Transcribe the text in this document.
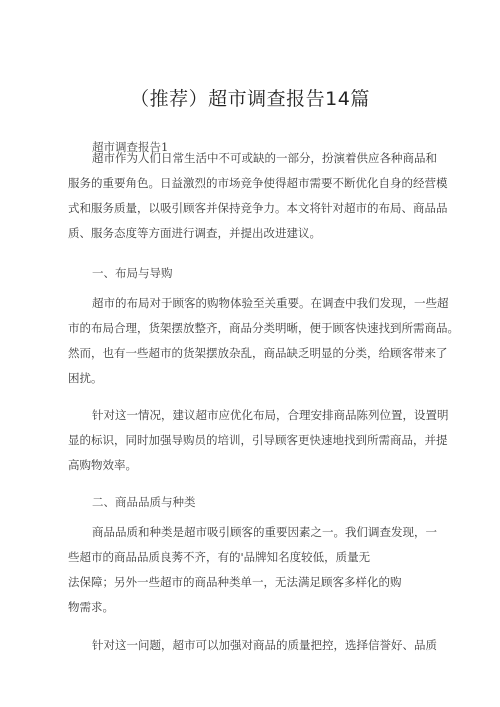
（推荐）超市调查报告14篇
超市调查报告1
超市作为人们日常生活中不可或缺的一部分，扮演着供应各种商品和
服务的重要角色。日益激烈的市场竞争使得超市需要不断优化自身的经营模
式和服务质量，以吸引顾客并保持竞争力。本文将针对超市的布局、商品品
质、服务态度等方面进行调查，并提出改进建议。
一、布局与导购
超市的布局对于顾客的购物体验至关重要。在调查中我们发现，一些超
市的布局合理，货架摆放整齐，商品分类明晰，便于顾客快速找到所需商品。
然而，也有一些超市的货架摆放杂乱，商品缺乏明显的分类，给顾客带来了
困扰。
针对这一情况，建议超市应优化布局，合理安排商品陈列位置，设置明
显的标识，同时加强导购员的培训，引导顾客更快速地找到所需商品，并提
高购物效率。
二、商品品质与种类
商品品质和种类是超市吸引顾客的重要因素之一。我们调查发现，一
些超市的商品品质良莠不齐，有的'品牌知名度较低，质量无
法保障；另外一些超市的商品种类单一，无法满足顾客多样化的购
物需求。
针对这一问题，超市可以加强对商品的质量把控，选择信誉好、品质
